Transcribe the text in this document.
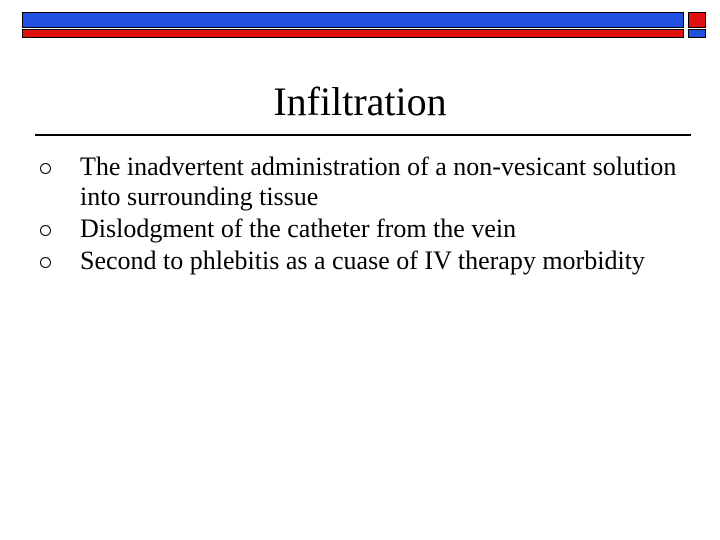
Infiltration
The inadvertent administration of a non-vesicant solution into surrounding tissue
Dislodgment of the catheter from the vein
Second to phlebitis as a cuase of IV therapy morbidity
